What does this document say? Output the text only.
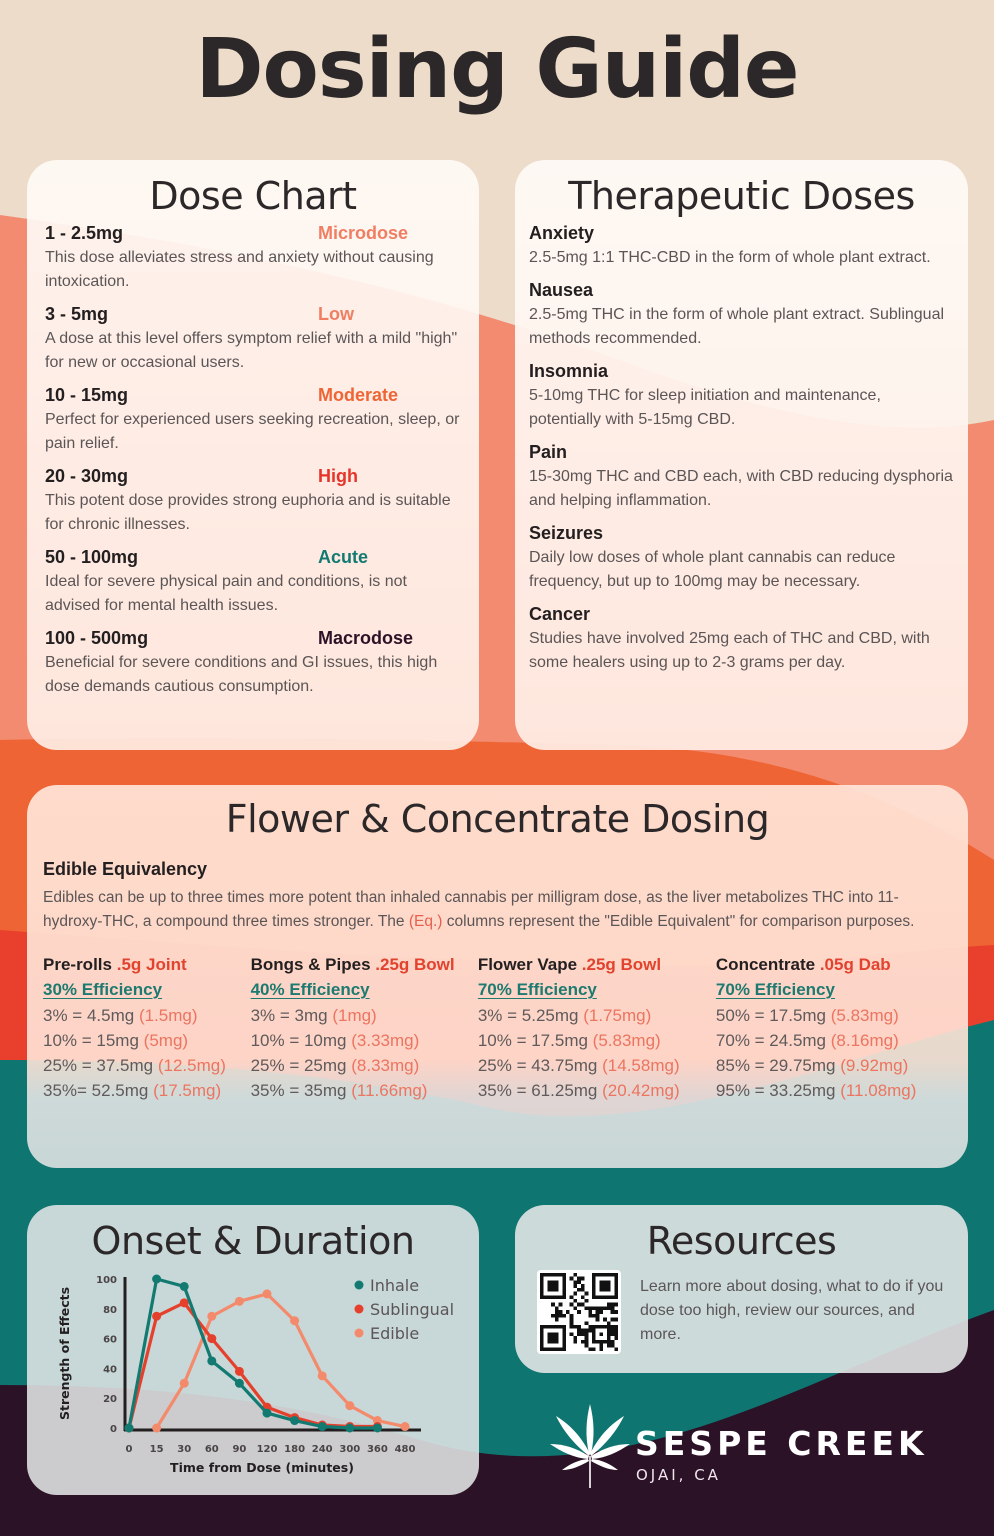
Dosing Guide
Dose Chart
1 - 2.5mg	Microdose
This dose alleviates stress and anxiety without causing intoxication.
3 - 5mg	Low
A dose at this level offers symptom relief with a mild "high" for new or occasional users.
10 - 15mg	Moderate
Perfect for experienced users seeking recreation, sleep, or pain relief.
20 - 30mg	High
This potent dose provides strong euphoria and is suitable for chronic illnesses.
50 - 100mg	Acute
Ideal for severe physical pain and conditions, is not advised for mental health issues.
100 - 500mg	Macrodose
Beneficial for severe conditions and GI issues, this high dose demands cautious consumption.
Therapeutic Doses
Anxiety
2.5-5mg 1:1 THC-CBD in the form of whole plant extract.
Nausea
2.5-5mg THC in the form of whole plant extract. Sublingual methods recommended.
Insomnia
5-10mg THC for sleep initiation and maintenance, potentially with 5-15mg CBD.
Pain
15-30mg THC and CBD each, with CBD reducing dysphoria and helping inflammation.
Seizures
Daily low doses of whole plant cannabis can reduce frequency, but up to 100mg may be necessary.
Cancer
Studies have involved 25mg each of THC and CBD, with some healers using up to 2-3 grams per day.
Flower & Concentrate Dosing
Edible Equivalency

Edibles can be up to three times more potent than inhaled cannabis per milligram dose, as the liver metabolizes THC into 11-hydroxy-THC, a compound three times stronger. The (Eq.) columns represent the "Edible Equivalent" for comparison purposes.

Pre-rolls .5g Joint
30% Efficiency
3% = 4.5mg (1.5mg)
10% = 15mg (5mg)
25% = 37.5mg (12.5mg)
35%= 52.5mg (17.5mg)
Bongs & Pipes .25g Bowl
40% Efficiency
3% = 3mg (1mg)
10% = 10mg (3.33mg)
25% = 25mg (8.33mg)
35% = 35mg (11.66mg)
Flower Vape .25g Bowl
70% Efficiency
3% = 5.25mg (1.75mg)
10% = 17.5mg (5.83mg)
25% = 43.75mg (14.58mg)
35% = 61.25mg (20.42mg)
Concentrate .05g Dab
70% Efficiency
50% = 17.5mg (5.83mg)
70% = 24.5mg (8.16mg)
85% = 29.75mg (9.92mg)
95% = 33.25mg (11.08mg)
Onset & Duration
0
20
40
60
80
100
0 15 30 60 90 120 180 240 300 360 480
Time from Dose (minutes)
Strength of Effects
Inhale
Sublingual
Edible
Resources

Learn more about dosing, what to do if you dose too high, review our sources, and more.

SESPE CREEK
OJAI, CA
